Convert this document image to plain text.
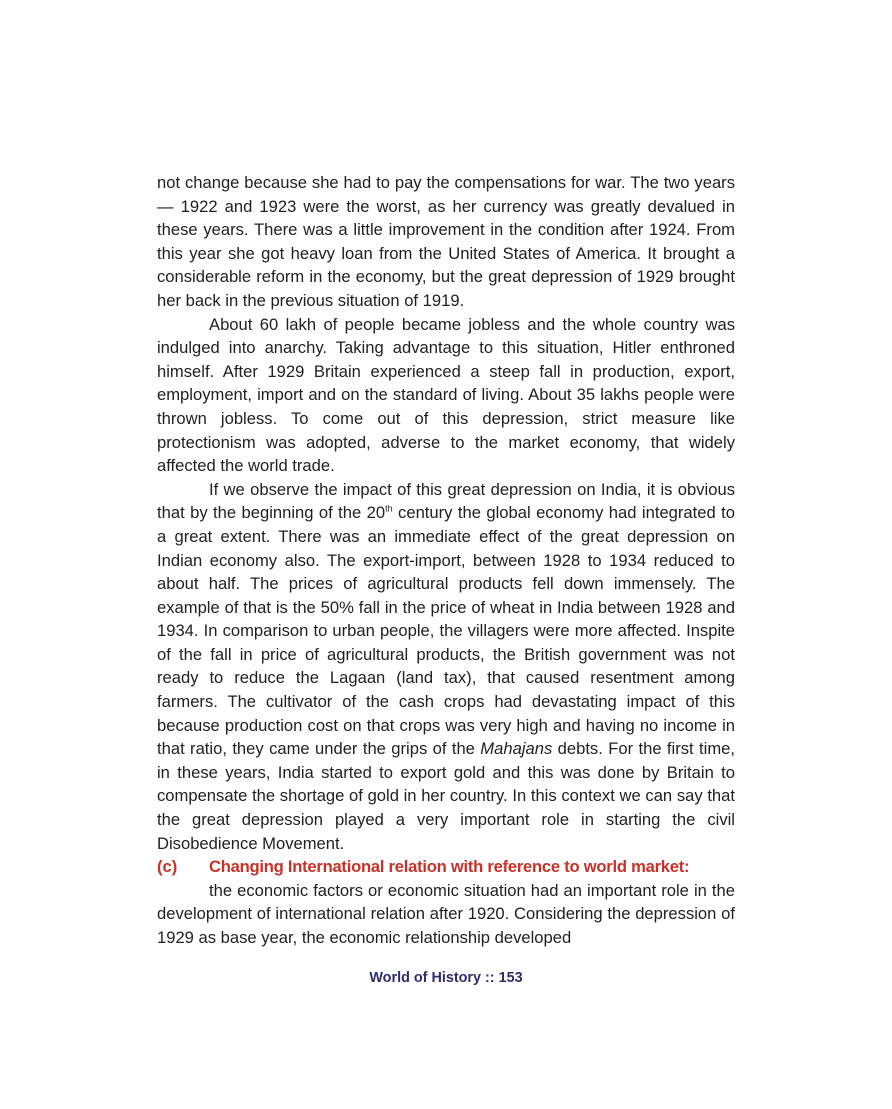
not change because she had to pay the compensations for war. The two years— 1922 and 1923 were the worst, as her currency was greatly devalued in these years. There was a little improvement in the condition after 1924. From this year she got heavy loan from the United States of America. It brought a considerable reform in the economy, but the great depression of 1929 brought her back in the previous situation of 1919.

About 60 lakh of people became jobless and the whole country was indulged into anarchy. Taking advantage to this situation, Hitler enthroned himself. After 1929 Britain experienced a steep fall in production, export, employment, import and on the standard of living. About 35 lakhs people were thrown jobless. To come out of this depression, strict measure like protectionism was adopted, adverse to the market economy, that widely affected the world trade.

If we observe the impact of this great depression on India, it is obvious that by the beginning of the 20th century the global economy had integrated to a great extent. There was an immediate effect of the great depression on Indian economy also. The export-import, between 1928 to 1934 reduced to about half. The prices of agricultural products fell down immensely. The example of that is the 50% fall in the price of wheat in India between 1928 and 1934. In comparison to urban people, the villagers were more affected. Inspite of the fall in price of agricultural products, the British government was not ready to reduce the Lagaan (land tax), that caused resentment among farmers. The cultivator of the cash crops had devastating impact of this because production cost on that crops was very high and having no income in that ratio, they came under the grips of the Mahajans debts. For the first time, in these years, India started to export gold and this was done by Britain to compensate the shortage of gold in her country. In this context we can say that the great depression played a very important role in starting the civil Disobedience Movement.

(c)	Changing International relation with reference to world market:

the economic factors or economic situation had an important role in the development of international relation after 1920. Considering the depression of 1929 as base year, the economic relationship developed

World of History :: 153
